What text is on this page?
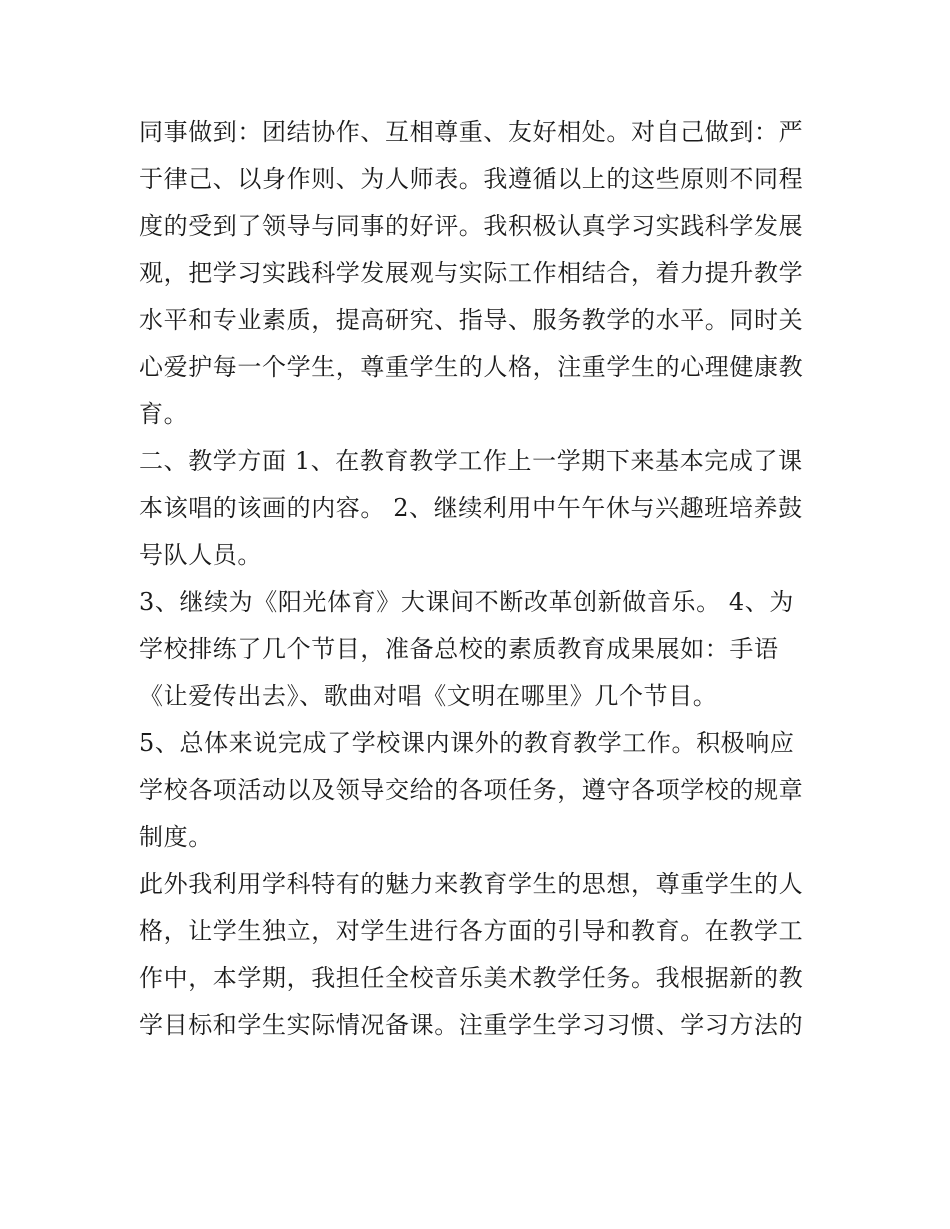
同事做到：团结协作、互相尊重、友好相处。对自己做到：严
于律己、以身作则、为人师表。我遵循以上的这些原则不同程
度的受到了领导与同事的好评。我积极认真学习实践科学发展
观，把学习实践科学发展观与实际工作相结合，着力提升教学
水平和专业素质，提高研究、指导、服务教学的水平。同时关
心爱护每一个学生，尊重学生的人格，注重学生的心理健康教
育。
二、教学方面 1、在教育教学工作上一学期下来基本完成了课
本该唱的该画的内容。 2、继续利用中午午休与兴趣班培养鼓
号队人员。
3、继续为《阳光体育》大课间不断改革创新做音乐。 4、为
学校排练了几个节目，准备总校的素质教育成果展如：手语
《让爱传出去》、歌曲对唱《文明在哪里》几个节目。
5、总体来说完成了学校课内课外的教育教学工作。积极响应
学校各项活动以及领导交给的各项任务，遵守各项学校的规章
制度。
此外我利用学科特有的魅力来教育学生的思想，尊重学生的人
格，让学生独立，对学生进行各方面的引导和教育。在教学工
作中，本学期，我担任全校音乐美术教学任务。我根据新的教
学目标和学生实际情况备课。注重学生学习习惯、学习方法的
